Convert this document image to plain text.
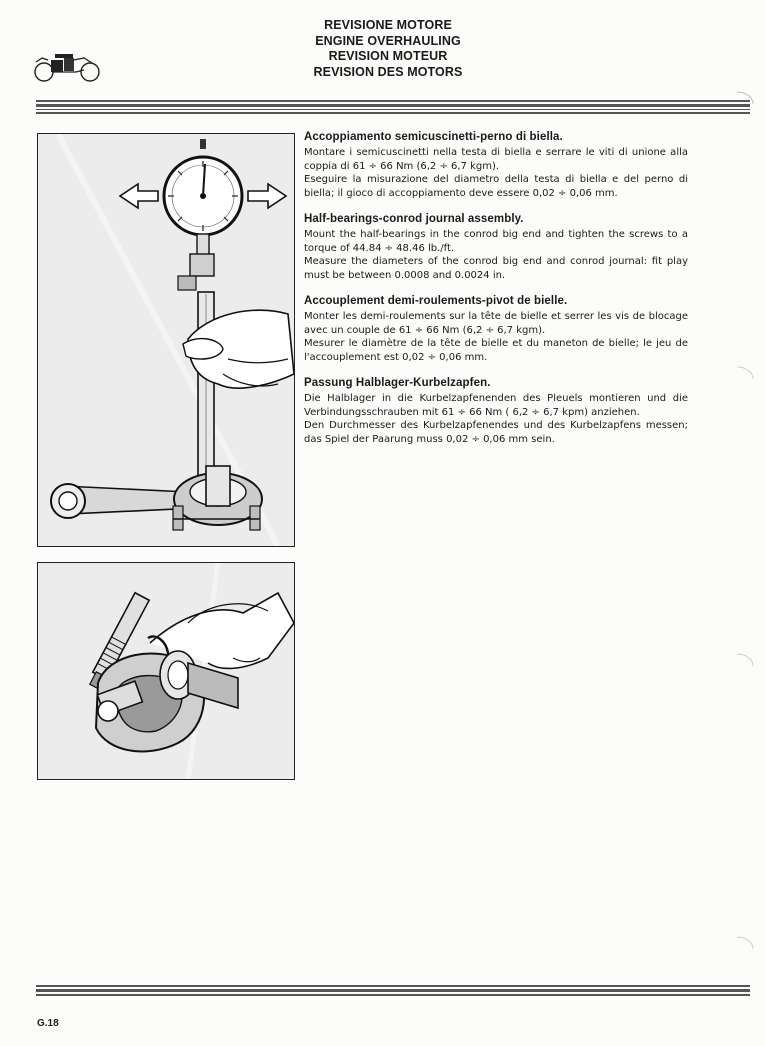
REVISIONE MOTORE
ENGINE OVERHAULING
REVISION MOTEUR
REVISION DES MOTORS
Accoppiamento semicuscinetti-perno di biella.

Montare i semicuscinetti nella testa di biella e serrare le viti di unione alla coppia di 61 ÷ 66 Nm (6,2 ÷ 6,7 kgm).

Eseguire la misurazione del diametro della testa di biella e del perno di biella; il gioco di accoppiamento deve essere 0,02 ÷ 0,06 mm.

Half-bearings-conrod journal assembly.

Mount the half-bearings in the conrod big end and tighten the screws to a torque of 44.84 ÷ 48.46 lb./ft.

Measure the diameters of the conrod big end and conrod journal: fit play must be between 0.0008 and 0.0024 in.

Accouplement demi-roulements-pivot de bielle.

Monter les demi-roulements sur la tête de bielle et serrer les vis de blocage avec un couple de 61 ÷ 66 Nm (6,2 ÷ 6,7 kgm).

Mesurer le diamètre de la tête de bielle et du maneton de bielle; le jeu de l'accouplement est 0,02 ÷ 0,06 mm.

Passung Halblager-Kurbelzapfen.

Die Halblager in die Kurbelzapfenenden des Pleuels montieren und die Verbindungsschrauben mit 61 ÷ 66 Nm ( 6,2 ÷ 6,7 kpm) anziehen.

Den Durchmesser des Kurbelzapfenendes und des Kurbelzapfens messen; das Spiel der Paarung muss 0,02 ÷ 0,06 mm sein.

G.18
